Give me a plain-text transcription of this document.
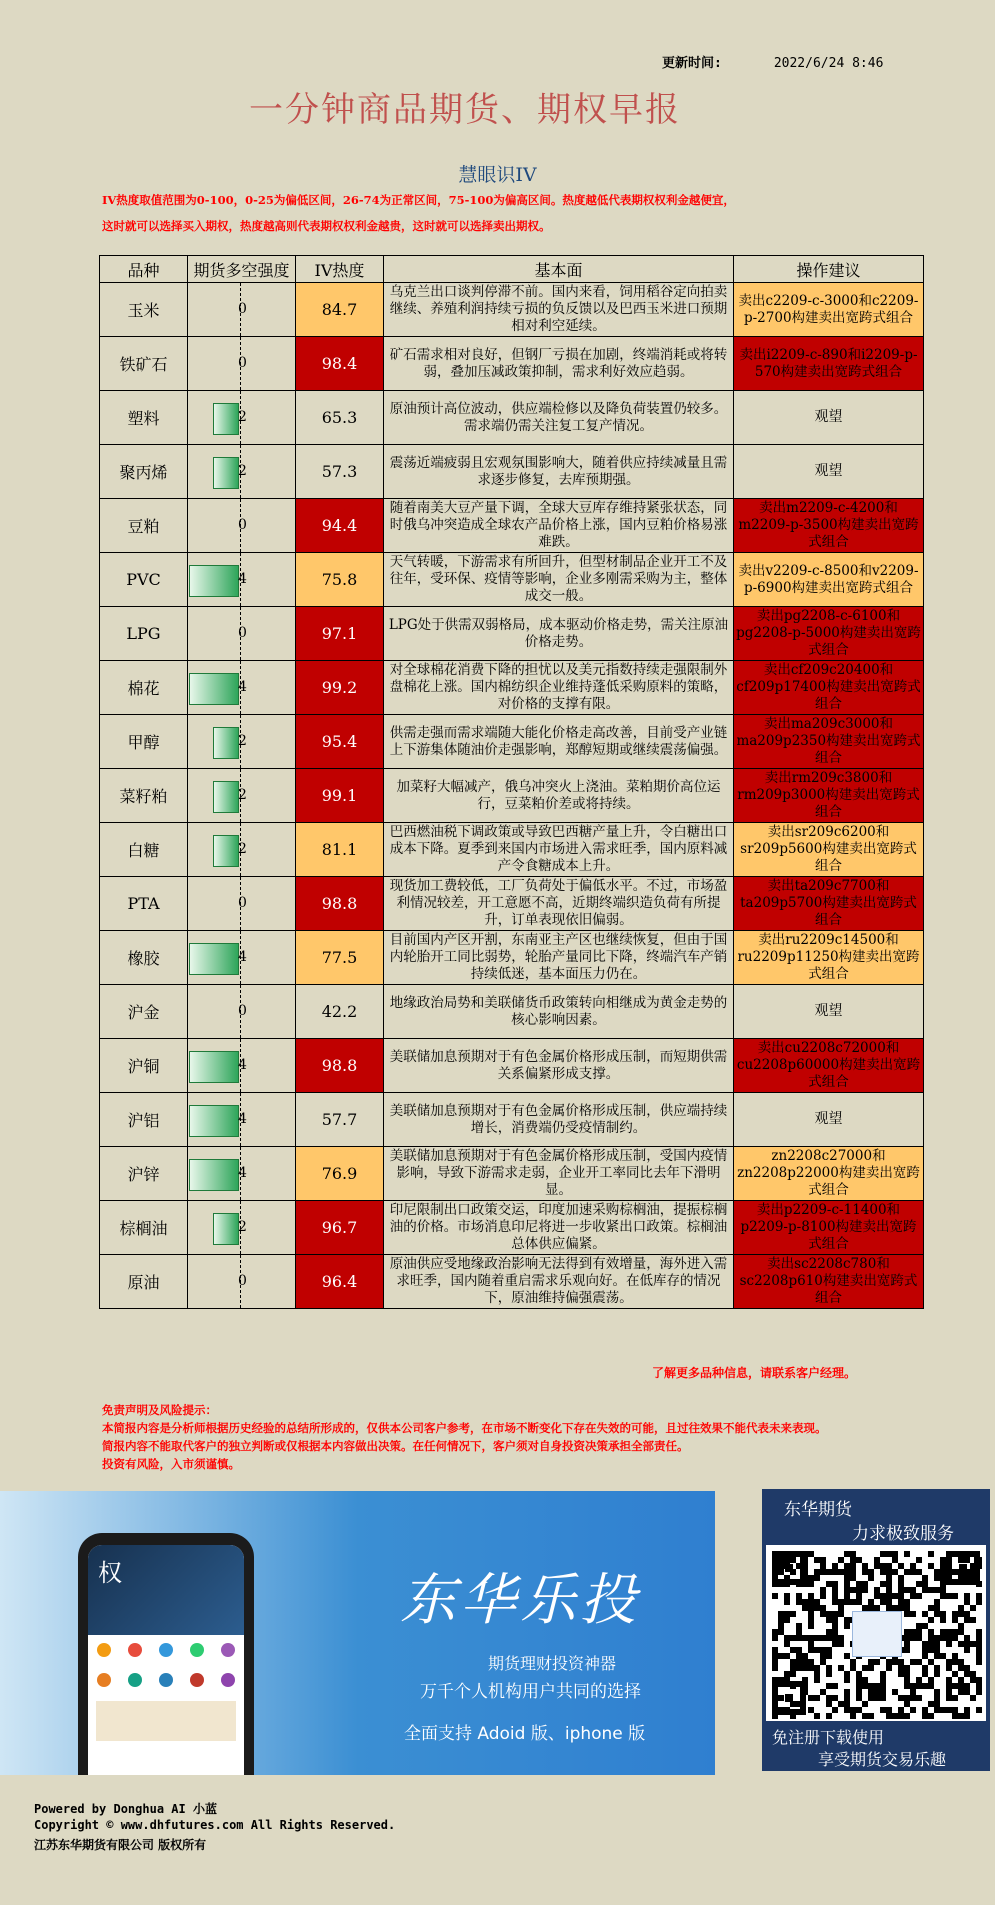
更新时间:	2022/6/24 8:46
一分钟商品期货、期权早报
慧眼识IV
IV热度取值范围为0-100，0-25为偏低区间，26-74为正常区间，75-100为偏高区间。热度越低代表期权权利金越便宜，
这时就可以选择买入期权，热度越高则代表期权权利金越贵，这时就可以选择卖出期权。
品种	期货多空强度	IV热度	基本面	操作建议
玉米	0	84.7	乌克兰出口谈判停滞不前。国内来看，饲用稻谷定向拍卖继续、养殖利润持续亏损的负反馈以及巴西玉米进口预期相对利空延续。	卖出c2209-c-3000和c2209-p-2700构建卖出宽跨式组合
铁矿石	0	98.4	矿石需求相对良好，但钢厂亏损在加剧，终端消耗或将转弱，叠加压减政策抑制，需求利好效应趋弱。	卖出i2209-c-890和i2209-p-570构建卖出宽跨式组合
塑料	2	65.3	原油预计高位波动，供应端检修以及降负荷装置仍较多。需求端仍需关注复工复产情况。	观望
聚丙烯	2	57.3	震荡近端疲弱且宏观氛围影响大，随着供应持续减量且需求逐步修复，去库预期强。	观望
豆粕	0	94.4	随着南美大豆产量下调，全球大豆库存维持紧张状态，同时俄乌冲突造成全球农产品价格上涨，国内豆粕价格易涨难跌。	卖出m2209-c-4200和m2209-p-3500构建卖出宽跨式组合
PVC	4	75.8	天气转暖，下游需求有所回升，但型材制品企业开工不及往年，受环保、疫情等影响，企业多刚需采购为主，整体成交一般。	卖出v2209-c-8500和v2209-p-6900构建卖出宽跨式组合
LPG	0	97.1	LPG处于供需双弱格局，成本驱动价格走势，需关注原油价格走势。	卖出pg2208-c-6100和pg2208-p-5000构建卖出宽跨式组合
棉花	4	99.2	对全球棉花消费下降的担忧以及美元指数持续走强限制外盘棉花上涨。国内棉纺织企业维持蓬低采购原料的策略，对价格的支撑有限。	卖出cf209c20400和cf209p17400构建卖出宽跨式组合
甲醇	2	95.4	供需走强而需求端随大能化价格走高改善，目前受产业链上下游集体随油价走强影响，郑醇短期或继续震荡偏强。	卖出ma209c3000和ma209p2350构建卖出宽跨式组合
菜籽粕	2	99.1	加菜籽大幅减产，俄乌冲突火上浇油。菜粕期价高位运行，豆菜粕价差或将持续。	卖出rm209c3800和rm209p3000构建卖出宽跨式组合
白糖	2	81.1	巴西燃油税下调政策或导致巴西糖产量上升，令白糖出口成本下降。夏季到来国内市场进入需求旺季，国内原料减产令食糖成本上升。	卖出sr209c6200和sr209p5600构建卖出宽跨式组合
PTA	0	98.8	现货加工费较低，工厂负荷处于偏低水平。不过，市场盈利情况较差，开工意愿不高，近期终端织造负荷有所提升，订单表现依旧偏弱。	卖出ta209c7700和ta209p5700构建卖出宽跨式组合
橡胶	4	77.5	目前国内产区开割，东南亚主产区也继续恢复，但由于国内轮胎开工同比弱势，轮胎产量同比下降，终端汽车产销持续低迷，基本面压力仍在。	卖出ru2209c14500和ru2209p11250构建卖出宽跨式组合
沪金	0	42.2	地缘政治局势和美联储货币政策转向相继成为黄金走势的核心影响因素。	观望
沪铜	4	98.8	美联储加息预期对于有色金属价格形成压制，而短期供需关系偏紧形成支撑。	卖出cu2208c72000和cu2208p60000构建卖出宽跨式组合
沪铝	4	57.7	美联储加息预期对于有色金属价格形成压制，供应端持续增长，消费端仍受疫情制约。	观望
沪锌	4	76.9	美联储加息预期对于有色金属价格形成压制，受国内疫情影响，导致下游需求走弱，企业开工率同比去年下滑明显。	zn2208c27000和zn2208p22000构建卖出宽跨式组合
棕榈油	2	96.7	印尼限制出口政策交运，印度加速采购棕榈油，提振棕榈油的价格。市场消息印尼将进一步收紧出口政策。棕榈油总体供应偏紧。	卖出p2209-c-11400和p2209-p-8100构建卖出宽跨式组合
原油	0	96.4	原油供应受地缘政治影响无法得到有效增量，海外进入需求旺季，国内随着重启需求乐观向好。在低库存的情况下，原油维持偏强震荡。	卖出sc2208c780和sc2208p610构建卖出宽跨式组合
了解更多品种信息，请联系客户经理。
免责声明及风险提示：
本简报内容是分析师根据历史经验的总结所形成的，仅供本公司客户参考，在市场不断变化下存在失效的可能，且过往效果不能代表未来表现。
简报内容不能取代客户的独立判断或仅根据本内容做出决策。在任何情况下，客户须对自身投资决策承担全部责任。
投资有风险，入市须谨慎。
权	东华乐投
期货理财投资神器
万千个人机构用户共同的选择
全面支持 Adoid 版、iphone 版
东华期货
力求极致服务
免注册下载使用
享受期货交易乐趣
Powered by Donghua AI 小蓝
Copyright © www.dhfutures.com All Rights Reserved.
江苏东华期货有限公司 版权所有
